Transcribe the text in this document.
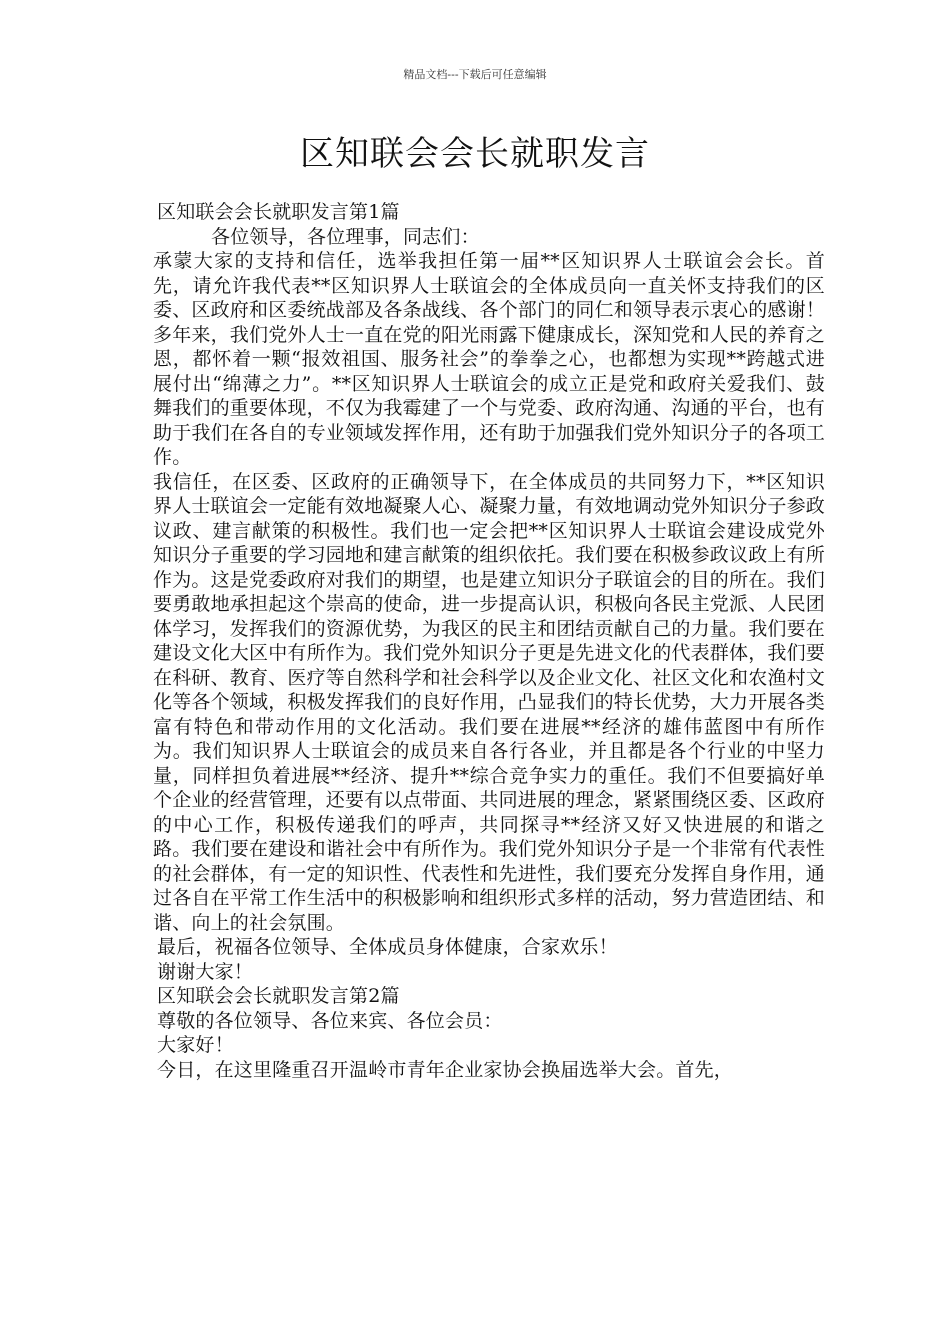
精品文档---下载后可任意编辑
区知联会会长就职发言

区知联会会长就职发言第1篇

各位领导，各位理事，同志们：

承蒙大家的支持和信任，选举我担任第一届**区知识界人士联谊会会长。首先，请允许我代表**区知识界人士联谊会的全体成员向一直关怀支持我们的区委、区政府和区委统战部及各条战线、各个部门的同仁和领导表示衷心的感谢！

多年来，我们党外人士一直在党的阳光雨露下健康成长，深知党和人民的养育之恩，都怀着一颗“报效祖国、服务社会”的拳拳之心，也都想为实现**跨越式进展付出“绵薄之力”。**区知识界人士联谊会的成立正是党和政府关爱我们、鼓舞我们的重要体现，不仅为我霉建了一个与党委、政府沟通、沟通的平台，也有助于我们在各自的专业领域发挥作用，还有助于加强我们党外知识分子的各项工作。

我信任，在区委、区政府的正确领导下，在全体成员的共同努力下，**区知识界人士联谊会一定能有效地凝聚人心、凝聚力量，有效地调动党外知识分子参政议政、建言献策的积极性。我们也一定会把**区知识界人士联谊会建设成党外知识分子重要的学习园地和建言献策的组织依托。我们要在积极参政议政上有所作为。这是党委政府对我们的期望，也是建立知识分子联谊会的目的所在。我们要勇敢地承担起这个崇高的使命，进一步提高认识，积极向各民主党派、人民团体学习，发挥我们的资源优势，为我区的民主和团结贡献自己的力量。我们要在建设文化大区中有所作为。我们党外知识分子更是先进文化的代表群体，我们要在科研、教育、医疗等自然科学和社会科学以及企业文化、社区文化和农渔村文化等各个领域，积极发挥我们的良好作用，凸显我们的特长优势，大力开展各类富有特色和带动作用的文化活动。我们要在进展**经济的雄伟蓝图中有所作为。我们知识界人士联谊会的成员来自各行各业，并且都是各个行业的中坚力量，同样担负着进展**经济、提升**综合竞争实力的重任。我们不但要搞好单个企业的经营管理，还要有以点带面、共同进展的理念，紧紧围绕区委、区政府的中心工作，积极传递我们的呼声，共同探寻**经济又好又快进展的和谐之路。我们要在建设和谐社会中有所作为。我们党外知识分子是一个非常有代表性的社会群体，有一定的知识性、代表性和先进性，我们要充分发挥自身作用，通过各自在平常工作生活中的积极影响和组织形式多样的活动，努力营造团结、和谐、向上的社会氛围。

最后，祝福各位领导、全体成员身体健康，合家欢乐！

谢谢大家！

区知联会会长就职发言第2篇

尊敬的各位领导、各位来宾、各位会员：

大家好！

今日，在这里隆重召开温岭市青年企业家协会换届选举大会。首先，
